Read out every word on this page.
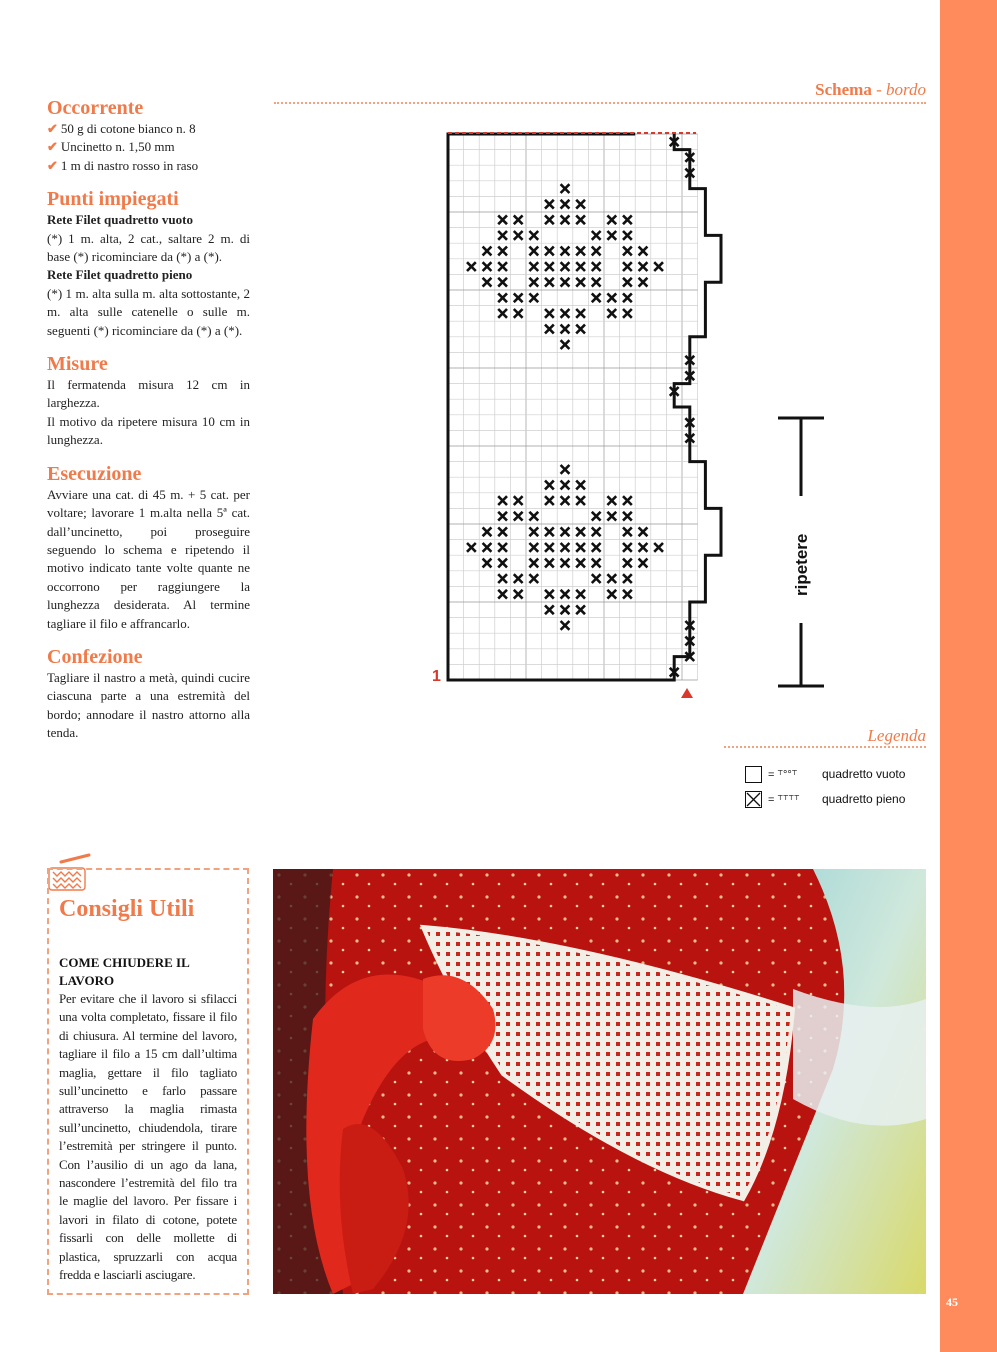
45
Occorrente
✔ 50 g di cotone bianco n. 8
✔ Uncinetto n. 1,50 mm
✔ 1 m di nastro rosso in raso
Punti impiegati
Rete Filet quadretto vuoto
(*) 1 m. alta, 2 cat., saltare 2 m. di base (*) ricominciare da (*) a (*).
Rete Filet quadretto pieno
(*) 1 m. alta sulla m. alta sottostante, 2 m. alta sulle catenelle o sulle m. seguenti (*) ricominciare da (*) a (*).
Misure
Il fermatenda misura 12 cm in larghezza.
Il motivo da ripetere misura 10 cm in lunghezza.
Esecuzione
Avviare una cat. di 45 m. + 5 cat. per voltare; lavorare 1 m.alta nella 5ª cat. dall’uncinetto, poi proseguire seguendo lo schema e ripetendo il motivo indicato tante volte quante ne occorrono per raggiungere la lunghezza desiderata. Al termine tagliare il filo e affrancarlo.
Confezione
Tagliare il nastro a metà, quindi cucire ciascuna parte a una estremità del bordo; annodare il nastro attorno alla tenda.
Schema - bordo
1
ripetere
Legenda
= ⸆°°⸆	quadretto vuoto
= ⸆⸆⸆⸆	quadretto pieno
Consigli Utili
COME CHIUDERE IL LAVORO
Per evitare che il lavoro si sfilacci una volta completato, fissare il filo di chiusura. Al termine del lavoro, tagliare il filo a 15 cm dall’ultima maglia, gettare il filo tagliato sull’uncinetto e farlo passare attraverso la maglia rimasta sull’uncinetto, chiudendola, tirare l’estremità per stringere il punto. Con l’ausilio di un ago da lana, nascondere l’estremità del filo tra le maglie del lavoro. Per fissare i lavori in filato di cotone, potete fissarli con delle mollette di plastica, spruzzarli con acqua fredda e lasciarli asciugare.
